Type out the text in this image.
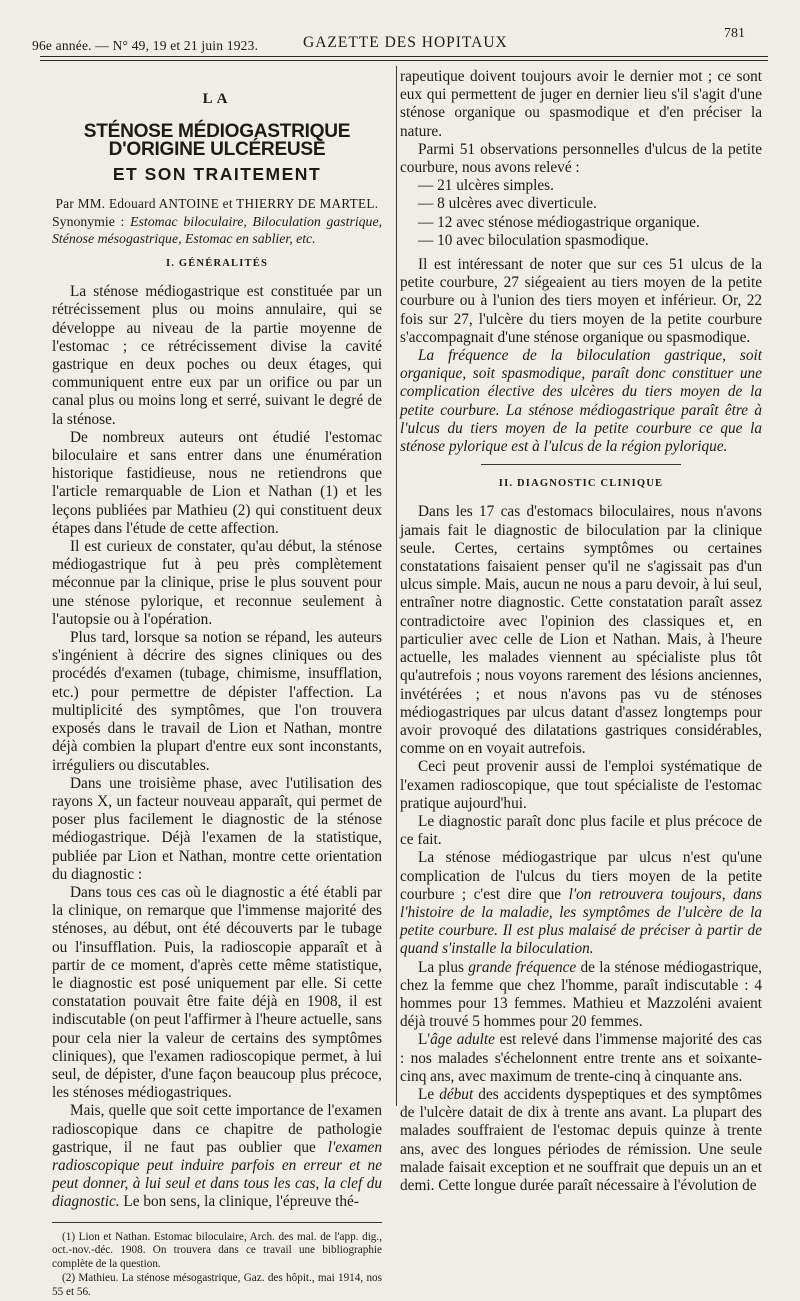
96e année. — N° 49, 19 et 21 juin 1923.	GAZETTE DES HOPITAUX
781
LA
STÉNOSE MÉDIOGASTRIQUE D'ORIGINE ULCÉREUSE
ET SON TRAITEMENT
Par MM. Edouard ANTOINE et THIERRY DE MARTEL.

Synonymie : Estomac biloculaire, Biloculation gastrique, Sténose mésogastrique, Estomac en sablier, etc.

I. GÉNÉRALITÉS

La sténose médiogastrique est constituée par un rétrécissement plus ou moins annulaire, qui se développe au niveau de la partie moyenne de l'estomac ; ce rétrécissement divise la cavité gastrique en deux poches ou deux étages, qui communiquent entre eux par un orifice ou par un canal plus ou moins long et serré, suivant le degré de la sténose.

De nombreux auteurs ont étudié l'estomac biloculaire et sans entrer dans une énumération historique fastidieuse, nous ne retiendrons que l'article remarquable de Lion et Nathan (1) et les leçons publiées par Mathieu (2) qui constituent deux étapes dans l'étude de cette affection.

Il est curieux de constater, qu'au début, la sténose médiogastrique fut à peu près complètement méconnue par la clinique, prise le plus souvent pour une sténose pylorique, et reconnue seulement à l'autopsie ou à l'opération.

Plus tard, lorsque sa notion se répand, les auteurs s'ingénient à décrire des signes cliniques ou des procédés d'examen (tubage, chimisme, insufflation, etc.) pour permettre de dépister l'affection. La multiplicité des symptômes, que l'on trouvera exposés dans le travail de Lion et Nathan, montre déjà combien la plupart d'entre eux sont inconstants, irréguliers ou discutables.

Dans une troisième phase, avec l'utilisation des rayons X, un facteur nouveau apparaît, qui permet de poser plus facilement le diagnostic de la sténose médiogastrique. Déjà l'examen de la statistique, publiée par Lion et Nathan, montre cette orientation du diagnostic :

Dans tous ces cas où le diagnostic a été établi par la clinique, on remarque que l'immense majorité des sténoses, au début, ont été découverts par le tubage ou l'insufflation. Puis, la radioscopie apparaît et à partir de ce moment, d'après cette même statistique, le diagnostic est posé uniquement par elle. Si cette constatation pouvait être faite déjà en 1908, il est indiscutable (on peut l'affirmer à l'heure actuelle, sans pour cela nier la valeur de certains des symptômes cliniques), que l'examen radioscopique permet, à lui seul, de dépister, d'une façon beaucoup plus précoce, les sténoses médiogastriques.

Mais, quelle que soit cette importance de l'examen radioscopique dans ce chapitre de pathologie gastrique, il ne faut pas oublier que l'examen radioscopique peut induire parfois en erreur et ne peut donner, à lui seul et dans tous les cas, la clef du diagnostic. Le bon sens, la clinique, l'épreuve thé-

(1) Lion et Nathan. Estomac biloculaire, Arch. des mal. de l'app. dig., oct.-nov.-déc. 1908. On trouvera dans ce travail une bibliographie complète de la question.

(2) Mathieu. La sténose mésogastrique, Gaz. des hôpit., mai 1914, nos 55 et 56.

rapeutique doivent toujours avoir le dernier mot ; ce sont eux qui permettent de juger en dernier lieu s'il s'agit d'une sténose organique ou spasmodique et d'en préciser la nature.

Parmi 51 observations personnelles d'ulcus de la petite courbure, nous avons relevé :

— 21 ulcères simples.

— 8 ulcères avec diverticule.

— 12 avec sténose médiogastrique organique.

— 10 avec biloculation spasmodique.

Il est intéressant de noter que sur ces 51 ulcus de la petite courbure, 27 siégeaient au tiers moyen de la petite courbure ou à l'union des tiers moyen et inférieur. Or, 22 fois sur 27, l'ulcère du tiers moyen de la petite courbure s'accompagnait d'une sténose organique ou spasmodique.

La fréquence de la biloculation gastrique, soit organique, soit spasmodique, paraît donc constituer une complication élective des ulcères du tiers moyen de la petite courbure. La sténose médiogastrique paraît être à l'ulcus du tiers moyen de la petite courbure ce que la sténose pylorique est à l'ulcus de la région pylorique.

II. DIAGNOSTIC CLINIQUE

Dans les 17 cas d'estomacs biloculaires, nous n'avons jamais fait le diagnostic de biloculation par la clinique seule. Certes, certains symptômes ou certaines constatations faisaient penser qu'il ne s'agissait pas d'un ulcus simple. Mais, aucun ne nous a paru devoir, à lui seul, entraîner notre diagnostic. Cette constatation paraît assez contradictoire avec l'opinion des classiques et, en particulier avec celle de Lion et Nathan. Mais, à l'heure actuelle, les malades viennent au spécialiste plus tôt qu'autrefois ; nous voyons rarement des lésions anciennes, invétérées ; et nous n'avons pas vu de sténoses médiogastriques par ulcus datant d'assez longtemps pour avoir provoqué des dilatations gastriques considérables, comme on en voyait autrefois.

Ceci peut provenir aussi de l'emploi systématique de l'examen radioscopique, que tout spécialiste de l'estomac pratique aujourd'hui.

Le diagnostic paraît donc plus facile et plus précoce de ce fait.

La sténose médiogastrique par ulcus n'est qu'une complication de l'ulcus du tiers moyen de la petite courbure ; c'est dire que l'on retrouvera toujours, dans l'histoire de la maladie, les symptômes de l'ulcère de la petite courbure. Il est plus malaisé de préciser à partir de quand s'installe la biloculation.

La plus grande fréquence de la sténose médiogastrique, chez la femme que chez l'homme, paraît indiscutable : 4 hommes pour 13 femmes. Mathieu et Mazzoléni avaient déjà trouvé 5 hommes pour 20 femmes.

L'âge adulte est relevé dans l'immense majorité des cas : nos malades s'échelonnent entre trente ans et soixante-cinq ans, avec maximum de trente-cinq à cinquante ans.

Le début des accidents dyspeptiques et des symptômes de l'ulcère datait de dix à trente ans avant. La plupart des malades souffraient de l'estomac depuis quinze à trente ans, avec des longues périodes de rémission. Une seule malade faisait exception et ne souffrait que depuis un an et demi. Cette longue durée paraît nécessaire à l'évolution de
